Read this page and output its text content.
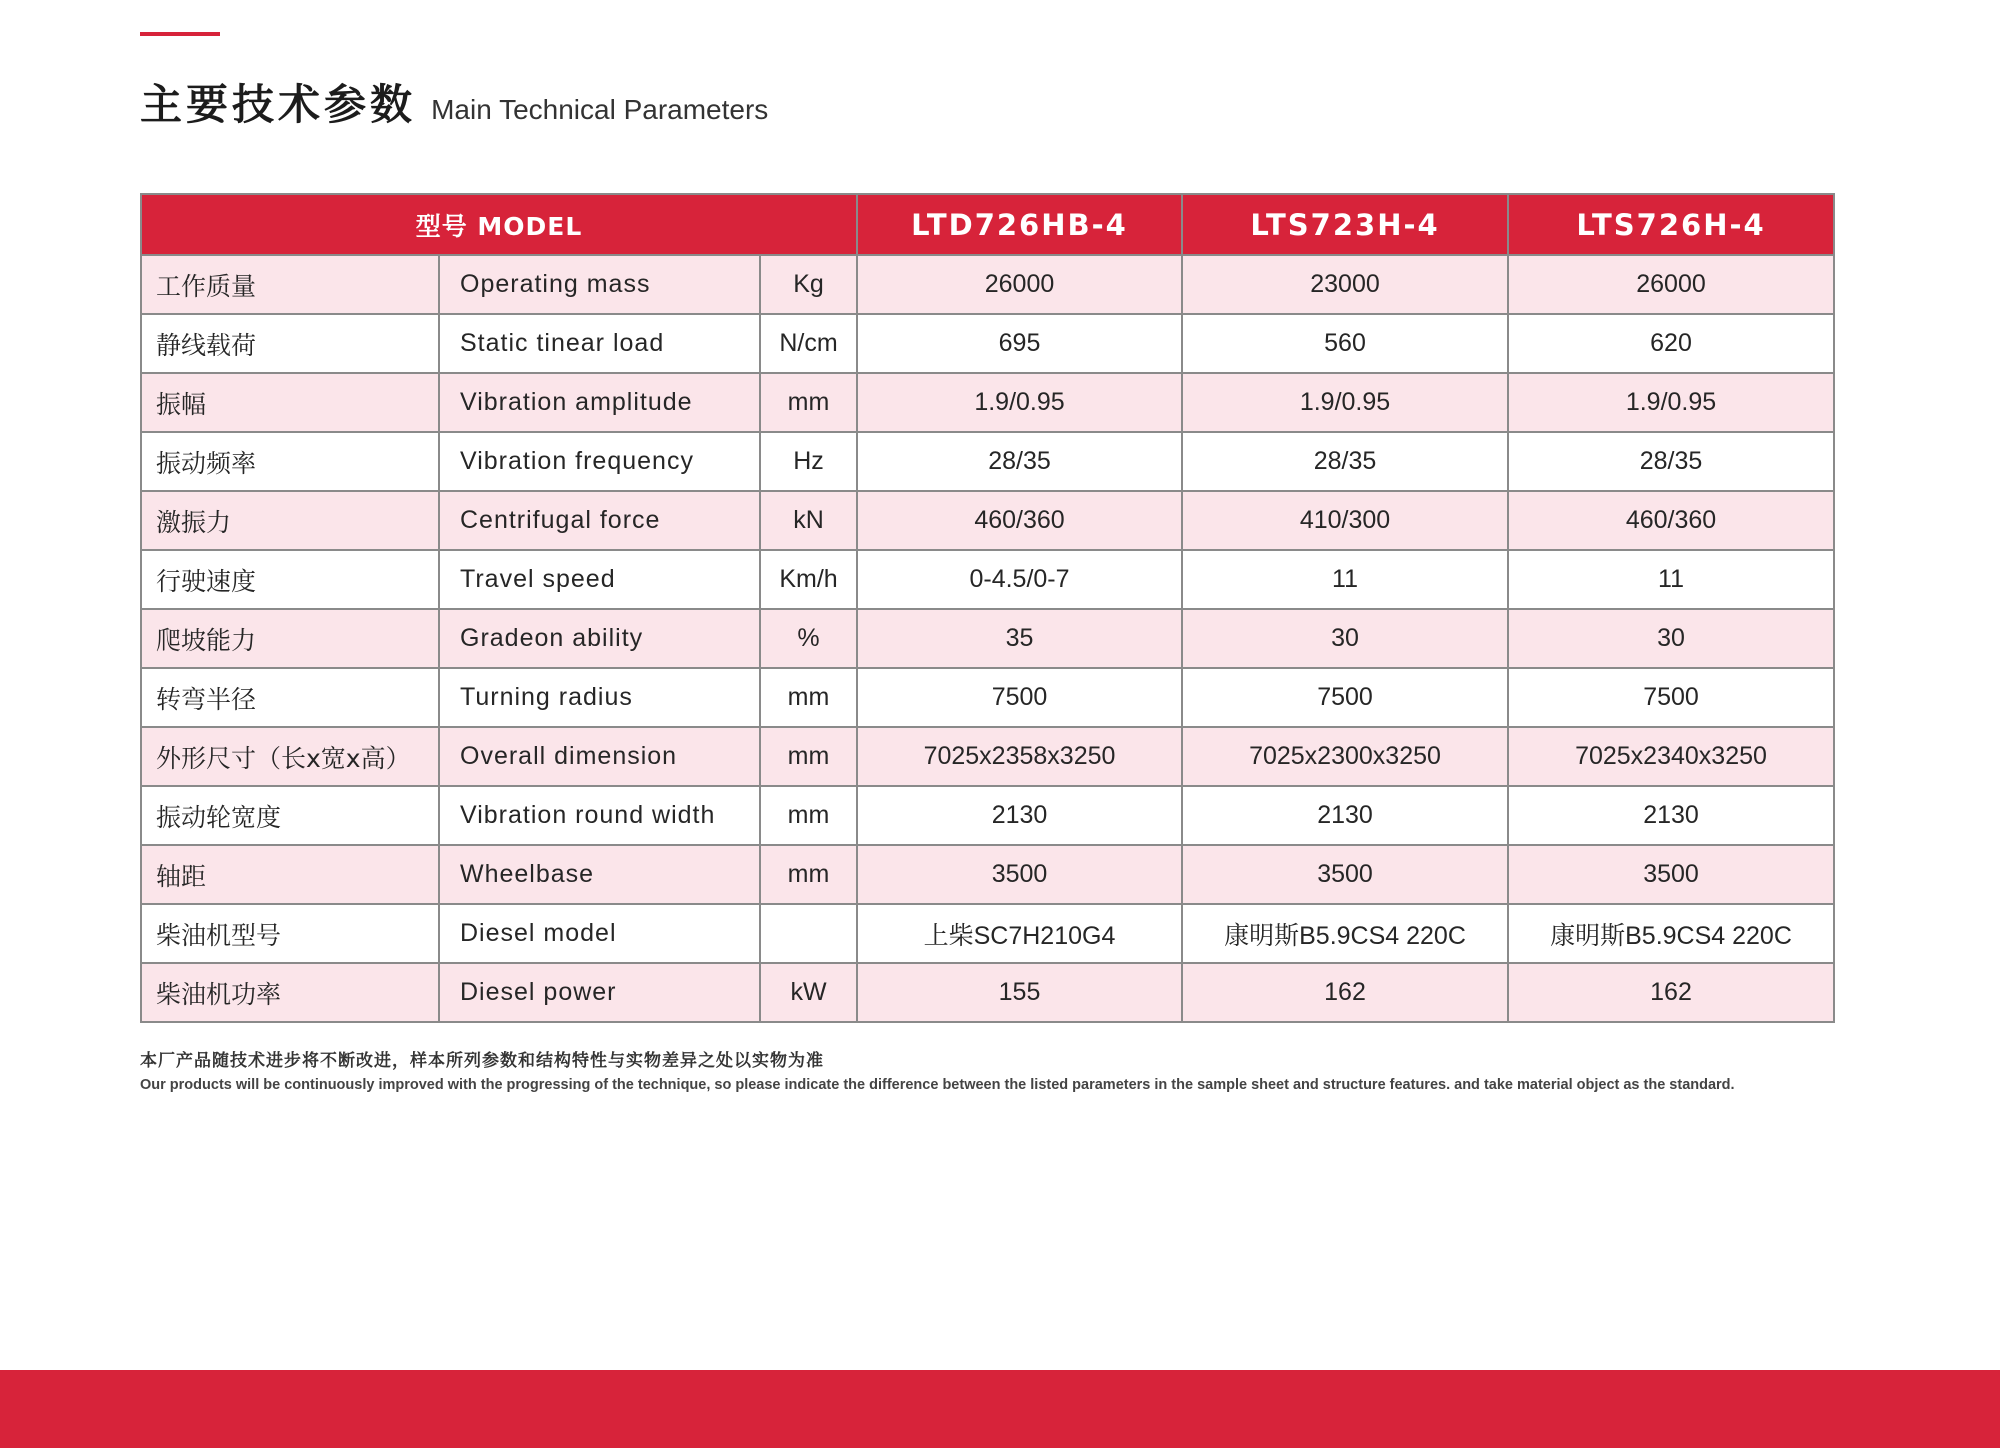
主要技术参数 Main Technical Parameters
型号 MODEL			LTD726HB-4	LTS723H-4	LTS726H-4
工作质量	Operating mass	Kg	26000	23000	26000
静线载荷	Static tinear load	N/cm	695	560	620
振幅	Vibration amplitude	mm	1.9/0.95	1.9/0.95	1.9/0.95
振动频率	Vibration frequency	Hz	28/35	28/35	28/35
激振力	Centrifugal force	kN	460/360	410/300	460/360
行驶速度	Travel speed	Km/h	0-4.5/0-7	11	11
爬坡能力	Gradeon ability	%	35	30	30
转弯半径	Turning radius	mm	7500	7500	7500
外形尺寸（长x宽x高）	Overall dimension	mm	7025x2358x3250	7025x2300x3250	7025x2340x3250
振动轮宽度	Vibration round width	mm	2130	2130	2130
轴距	Wheelbase	mm	3500	3500	3500
柴油机型号	Diesel model		上柴SC7H210G4	康明斯B5.9CS4 220C	康明斯B5.9CS4 220C
柴油机功率	Diesel power	kW	155	162	162
本厂产品随技术进步将不断改进，样本所列参数和结构特性与实物差异之处以实物为准
Our products will be continuously improved with the progressing of the technique, so please indicate the difference between the listed parameters in the sample sheet and structure features. and take material object as the standard.
